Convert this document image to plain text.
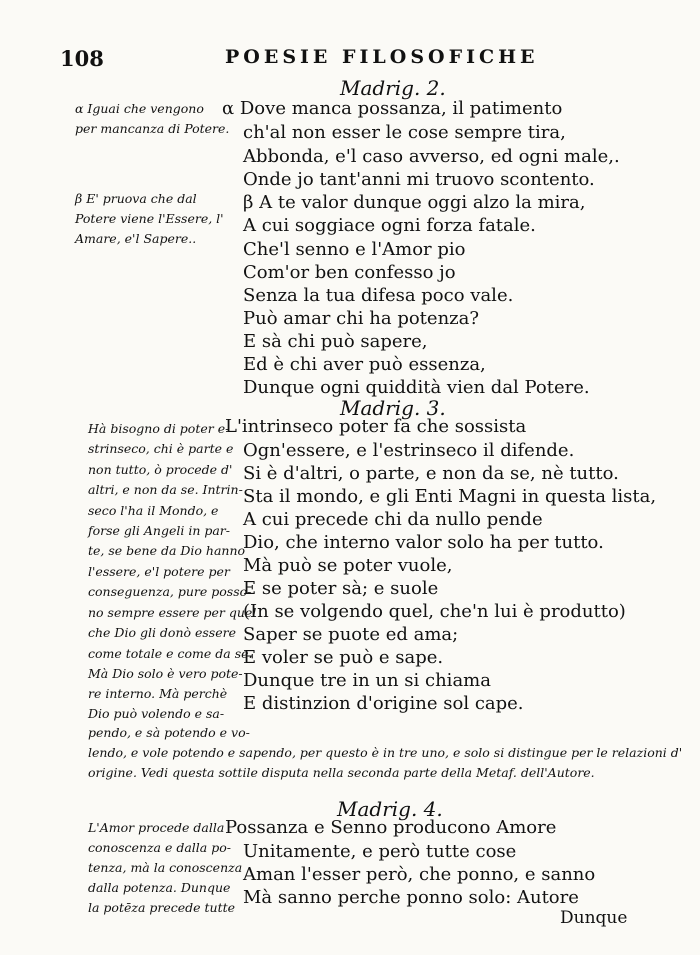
108	POESIE FILOSOFICHE
Madrig. 2.
α Iguai che vengono
per mancanza di Potere.
β E' pruova che dal
Potere viene l'Essere, l'
Amare, e'l Sapere..
α Dove manca possanza, il patimento
ch'al non esser le cose sempre tira,
Abbonda, e'l caso avverso, ed ogni male,.
Onde jo tant'anni mi truovo scontento.
β A te valor dunque oggi alzo la mira,
A cui soggiace ogni forza fatale.
Che'l senno e l'Amor pio
Com'or ben confesso jo
Senza la tua difesa poco vale.
Può amar chi ha potenza?
E sà chi può sapere,
Ed è chi aver può essenza,
Dunque ogni quiddità vien dal Potere.
Madrig. 3.
Hà bisogno di poter e-
strinseco, chi è parte e
non tutto, ò procede d'
altri, e non da se. Intrin-
seco l'ha il Mondo, e
forse gli Angeli in par-
te, se bene da Dio hanno
l'essere, e'l potere per
conseguenza, pure posso-
no sempre essere per quel
che Dio gli donò essere
come totale e come da se.
Mà Dio solo è vero pote-
re interno. Mà perchè
Dio può volendo e sa-
pendo, e sà potendo e vo-
L'intrinseco poter fa che sossista
Ogn'essere, e l'estrinseco il difende.
Si è d'altri, o parte, e non da se, nè tutto.
Sta il mondo, e gli Enti Magni in questa lista,
A cui precede chi da nullo pende
Dio, che interno valor solo ha per tutto.
Mà può se poter vuole,
E se poter sà; e suole
(In se volgendo quel, che'n lui è produtto)
Saper se puote ed ama;
E voler se può e sape.
Dunque tre in un si chiama
E distinzion d'origine sol cape.
lendo, e vole potendo e sapendo, per questo è in tre uno, e solo si distingue per le relazioni d'
origine. Vedi questa sottile disputa nella seconda parte della Metaf. dell'Autore.
Madrig. 4.
L'Amor procede dalla
conoscenza e dalla po-
tenza, mà la conoscenza
dalla potenza. Dunque
la potēza precede tutte
Possanza e Senno producono Amore
Unitamente, e però tutte cose
Aman l'esser però, che ponno, e sanno
Mà sanno perche ponno solo: Autore
Dunque
